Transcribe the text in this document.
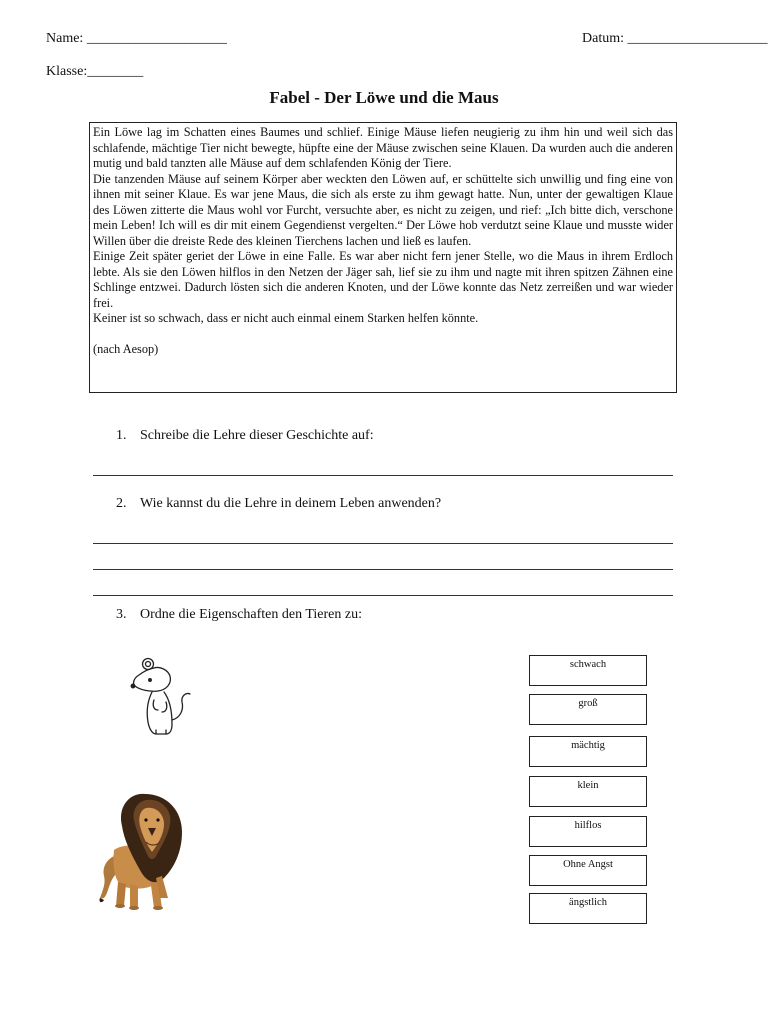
Name: ____________________	Datum: ____________________
Klasse:________
Fabel - Der Löwe und die Maus

Ein Löwe lag im Schatten eines Baumes und schlief. Einige Mäuse liefen neugierig zu ihm hin und weil sich das schlafende, mächtige Tier nicht bewegte, hüpfte eine der Mäuse zwischen seine Klauen. Da wurden auch die anderen mutig und bald tanzten alle Mäuse auf dem schlafenden König der Tiere.

Die tanzenden Mäuse auf seinem Körper aber weckten den Löwen auf, er schüttelte sich unwillig und fing eine von ihnen mit seiner Klaue. Es war jene Maus, die sich als erste zu ihm gewagt hatte. Nun, unter der gewaltigen Klaue des Löwen zitterte die Maus wohl vor Furcht, versuchte aber, es nicht zu zeigen, und rief: „Ich bitte dich, verschone mein Leben! Ich will es dir mit einem Gegendienst vergelten.“ Der Löwe hob verdutzt seine Klaue und musste wider Willen über die dreiste Rede des kleinen Tierchens lachen und ließ es laufen.

Einige Zeit später geriet der Löwe in eine Falle. Es war aber nicht fern jener Stelle, wo die Maus in ihrem Erdloch lebte. Als sie den Löwen hilflos in den Netzen der Jäger sah, lief sie zu ihm und nagte mit ihren spitzen Zähnen eine Schlinge entzwei. Dadurch lösten sich die anderen Knoten, und der Löwe konnte das Netz zerreißen und war wieder frei.

Keiner ist so schwach, dass er nicht auch einmal einem Starken helfen könnte.

(nach Aesop)

1. Schreibe die Lehre dieser Geschichte auf:
2. Wie kannst du die Lehre in deinem Leben anwenden?
3. Ordne die Eigenschaften den Tieren zu:
schwach
groß
mächtig
klein
hilflos
Ohne Angst
ängstlich
